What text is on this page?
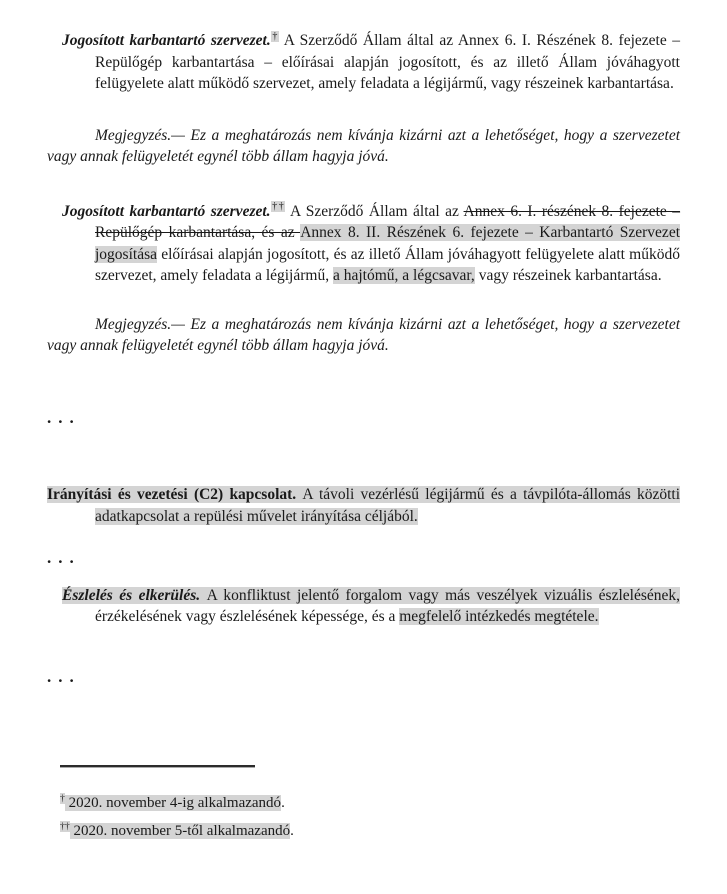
Jogosított karbantartó szervezet.† A Szerződő Állam által az Annex 6. I. Részének 8. fejezete – Repülőgép karbantartása – előírásai alapján jogosított, és az illető Állam jóváhagyott felügyelete alatt működő szervezet, amely feladata a légijármű, vagy részeinek karbantartása.

Megjegyzés.— Ez a meghatározás nem kívánja kizárni azt a lehetőséget, hogy a szervezetet vagy annak felügyeletét egynél több állam hagyja jóvá.

Jogosított karbantartó szervezet.†† A Szerződő Állam által az Annex 6. I. részének 8. fejezete – Repülőgép karbantartása, és az Annex 8. II. Részének 6. fejezete – Karbantartó Szervezet jogosítása előírásai alapján jogosított, és az illető Állam jóváhagyott felügyelete alatt működő szervezet, amely feladata a légijármű, a hajtómű, a légcsavar, vagy részeinek karbantartása.

Megjegyzés.— Ez a meghatározás nem kívánja kizárni azt a lehetőséget, hogy a szervezetet vagy annak felügyeletét egynél több állam hagyja jóvá.

...

Irányítási és vezetési (C2) kapcsolat. A távoli vezérlésű légijármű és a távpilóta-állomás közötti adatkapcsolat a repülési művelet irányítása céljából.

...

Észlelés és elkerülés. A konfliktust jelentő forgalom vagy más veszélyek vizuális észlelésének, érzékelésének vagy észlelésének képessége, és a megfelelő intézkedés megtétele.

...

† 2020. november 4-ig alkalmazandó.

†† 2020. november 5-től alkalmazandó.
